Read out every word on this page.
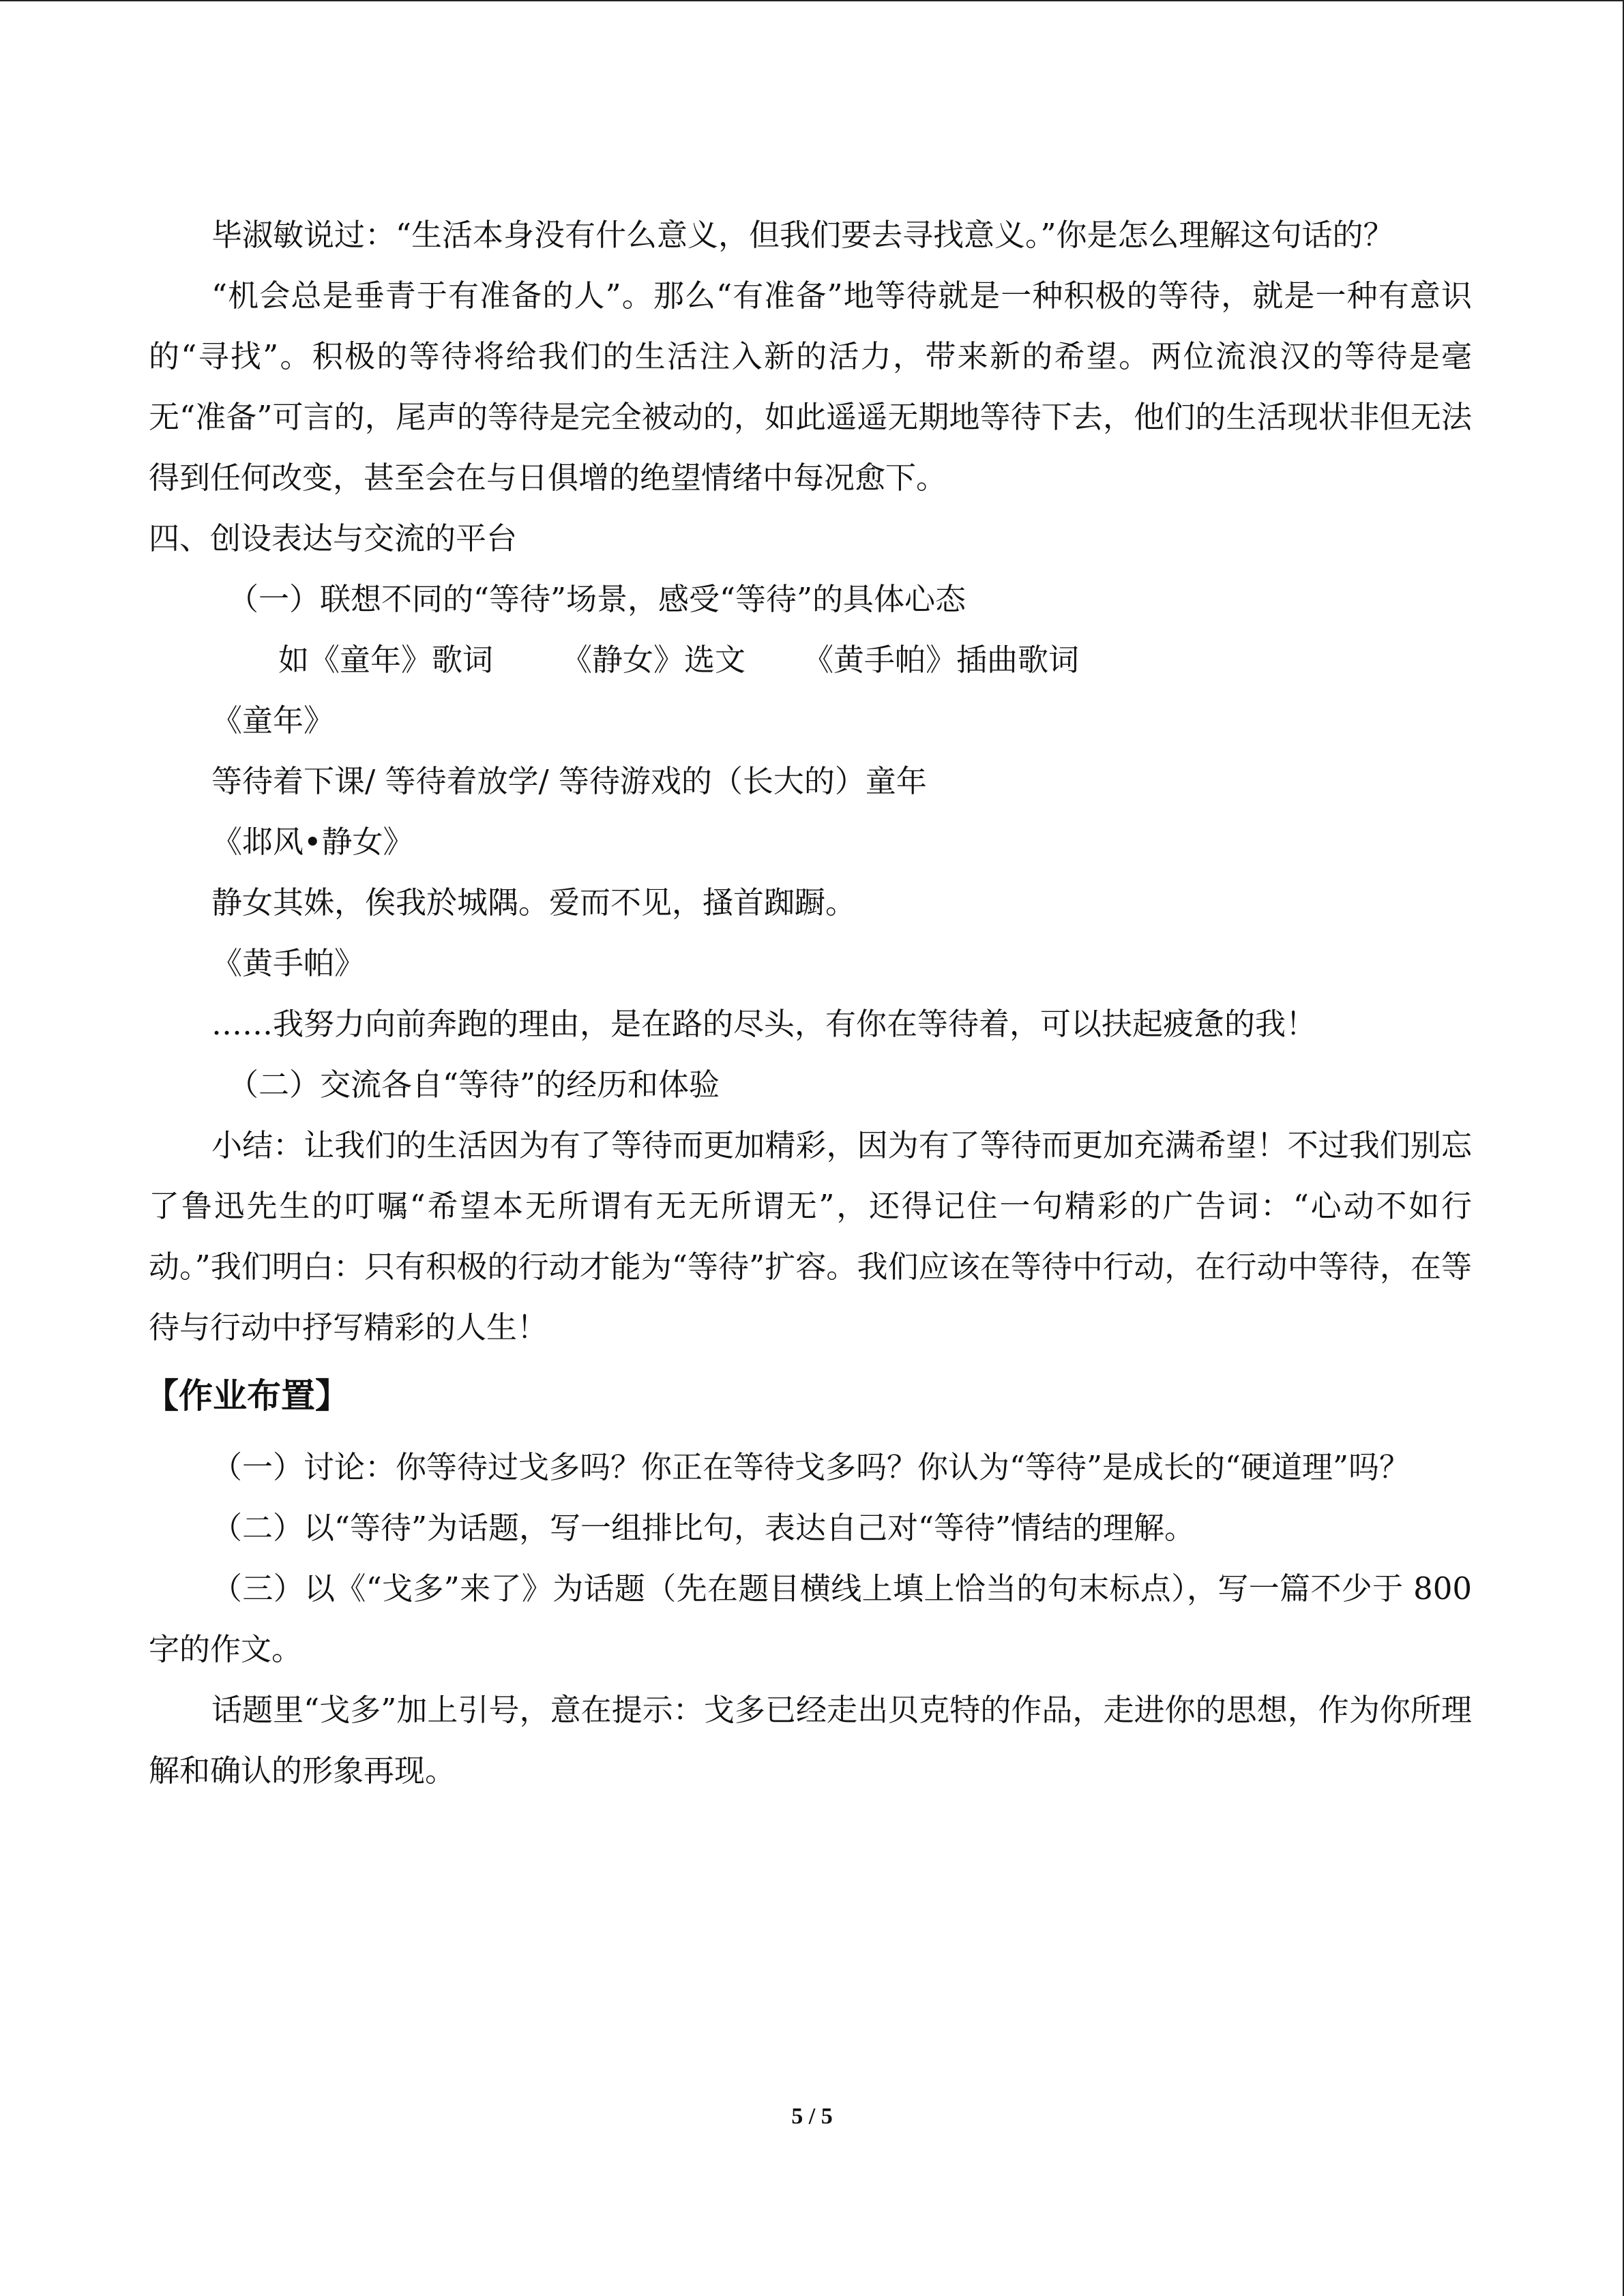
毕淑敏说过：“生活本身没有什么意义，但我们要去寻找意义。”你是怎么理解这句话的？

“机会总是垂青于有准备的人”。那么“有准备”地等待就是一种积极的等待，就是一种有意识的“寻找”。积极的等待将给我们的生活注入新的活力，带来新的希望。两位流浪汉的等待是毫无“准备”可言的，尾声的等待是完全被动的，如此遥遥无期地等待下去，他们的生活现状非但无法得到任何改变，甚至会在与日俱增的绝望情绪中每况愈下。

四、创设表达与交流的平台

（一）联想不同的“等待”场景，感受“等待”的具体心态

如《童年》歌词 《静女》选文 《黄手帕》插曲歌词

《童年》

等待着下课/ 等待着放学/ 等待游戏的（长大的）童年

《邶风•静女》

静女其姝，俟我於城隅。爱而不见，搔首踟蹰。

《黄手帕》

……我努力向前奔跑的理由，是在路的尽头，有你在等待着，可以扶起疲惫的我！

（二）交流各自“等待”的经历和体验

小结：让我们的生活因为有了等待而更加精彩，因为有了等待而更加充满希望！不过我们别忘了鲁迅先生的叮嘱“希望本无所谓有无无所谓无”，还得记住一句精彩的广告词：“心动不如行动。”我们明白：只有积极的行动才能为“等待”扩容。我们应该在等待中行动，在行动中等待，在等待与行动中抒写精彩的人生！

【作业布置】

（一）讨论：你等待过戈多吗？你正在等待戈多吗？你认为“等待”是成长的“硬道理”吗？

（二）以“等待”为话题，写一组排比句，表达自己对“等待”情结的理解。

（三）以《“戈多”来了》为话题（先在题目横线上填上恰当的句末标点），写一篇不少于 800 字的作文。

话题里“戈多”加上引号，意在提示：戈多已经走出贝克特的作品，走进你的思想，作为你所理解和确认的形象再现。

5 / 5
